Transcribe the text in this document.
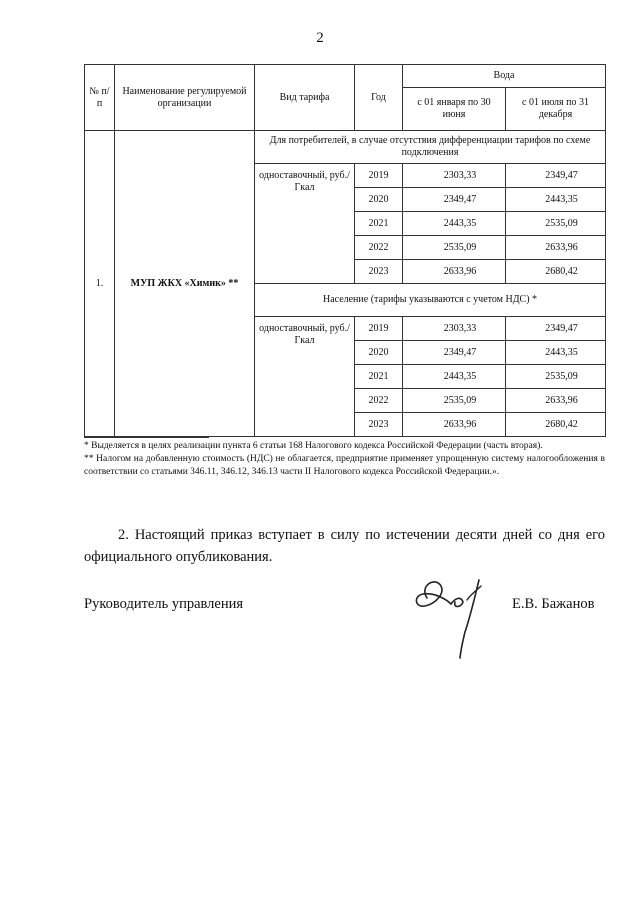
2
№ п/п	Наименование регулируемой организации	Вид тарифа	Год	Вода	
				с 01 января по 30 июня	с 01 июля по 31 декабря
1.	МУП ЖКХ «Химик» **	Для потребителей, в случае отсутствия дифференциации тарифов по схеме подключения			
		одноставочный, руб./Гкал	2019	2303,33	2349,47
			2020	2349,47	2443,35
			2021	2443,35	2535,09
			2022	2535,09	2633,96
			2023	2633,96	2680,42
		Население (тарифы указываются с учетом НДС) *			
		одноставочный, руб./Гкал	2019	2303,33	2349,47
			2020	2349,47	2443,35
			2021	2443,35	2535,09
			2022	2535,09	2633,96
			2023	2633,96	2680,42

* Выделяется в целях реализации пункта 6 статьи 168 Налогового кодекса Российской Федерации (часть вторая).

** Налогом на добавленную стоимость (НДС) не облагается, предприятие применяет упрощенную систему налогообложения в соответствии со статьями 346.11, 346.12, 346.13 части II Налогового кодекса Российской Федерации.».

2. Настоящий приказ вступает в силу по истечении десяти дней со дня его официального опубликования.
Руководитель управления	Е.В. Бажанов
